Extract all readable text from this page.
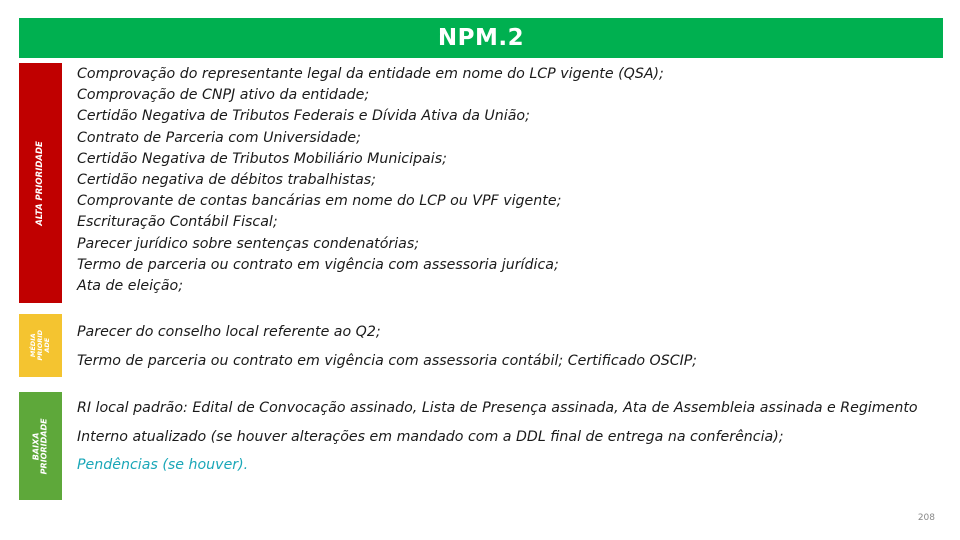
NPM.2
ALTA PRIORIDADE
Comprovação do representante legal da entidade em nome do LCP vigente (QSA);
Comprovação de CNPJ ativo da entidade;
Certidão Negativa de Tributos Federais e Dívida Ativa da União;
Contrato de Parceria com Universidade;
Certidão Negativa de Tributos Mobiliário Municipais;
Certidão negativa de débitos trabalhistas;
Comprovante de contas bancárias em nome do LCP ou VPF vigente;
Escrituração Contábil Fiscal;
Parecer jurídico sobre sentenças condenatórias;
Termo de parceria ou contrato em vigência com assessoria jurídica;
Ata de eleição;
MÉDIA
PRIORID
ADE
Parecer do conselho local referente ao Q2;
Termo de parceria ou contrato em vigência com assessoria contábil; Certificado OSCIP;
BAIXA
PRIORIDADE
RI local padrão: Edital de Convocação assinado, Lista de Presença assinada, Ata de Assembleia assinada e Regimento Interno atualizado (se houver alterações em mandado com a DDL final de entrega na conferência);
Pendências (se houver).
208
